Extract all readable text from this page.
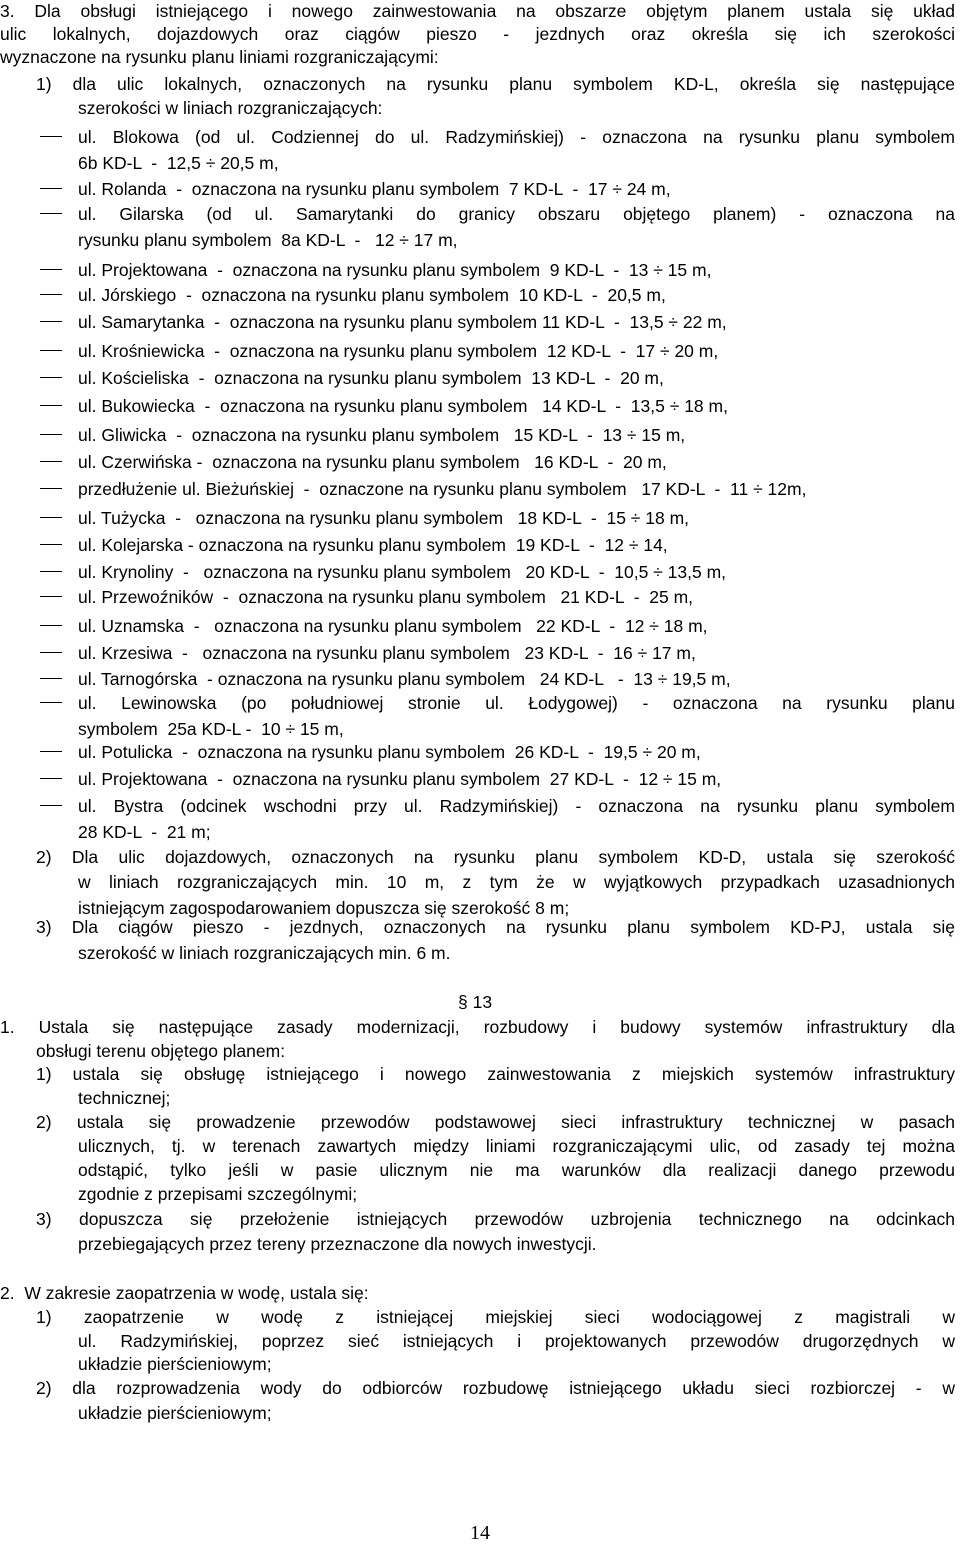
3. Dla obsługi istniejącego i nowego zainwestowania na obszarze objętym planem ustala się układ
ulic lokalnych, dojazdowych oraz ciągów pieszo - jezdnych oraz określa się ich szerokości
wyznaczone na rysunku planu liniami rozgraniczającymi:
1) dla ulic lokalnych, oznaczonych na rysunku planu symbolem KD-L, określa się następujące
szerokości w liniach rozgraniczających:
ul. Blokowa (od ul. Codziennej do ul. Radzymińskiej) - oznaczona na rysunku planu symbolem
6b KD-L  -  12,5 ÷ 20,5 m,
ul. Rolanda  -  oznaczona na rysunku planu symbolem  7 KD-L  -  17 ÷ 24 m,
ul. Gilarska (od ul. Samarytanki do granicy obszaru objętego planem) - oznaczona na
rysunku planu symbolem  8a KD-L  -   12 ÷ 17 m,
ul. Projektowana  -  oznaczona na rysunku planu symbolem  9 KD-L  -  13 ÷ 15 m,
ul. Jórskiego  -  oznaczona na rysunku planu symbolem  10 KD-L  -  20,5 m,
ul. Samarytanka  -  oznaczona na rysunku planu symbolem 11 KD-L  -  13,5 ÷ 22 m,
ul. Krośniewicka  -  oznaczona na rysunku planu symbolem  12 KD-L  -  17 ÷ 20 m,
ul. Kościeliska  -  oznaczona na rysunku planu symbolem  13 KD-L  -  20 m,
ul. Bukowiecka  -  oznaczona na rysunku planu symbolem   14 KD-L  -  13,5 ÷ 18 m,
ul. Gliwicka  -  oznaczona na rysunku planu symbolem   15 KD-L  -  13 ÷ 15 m,
ul. Czerwińska -  oznaczona na rysunku planu symbolem   16 KD-L  -  20 m,
przedłużenie ul. Bieżuńskiej  -  oznaczone na rysunku planu symbolem   17 KD-L  -  11 ÷ 12m,
ul. Tużycka  -   oznaczona na rysunku planu symbolem   18 KD-L  -  15 ÷ 18 m,
ul. Kolejarska - oznaczona na rysunku planu symbolem  19 KD-L  -  12 ÷ 14,
ul. Krynoliny  -   oznaczona na rysunku planu symbolem   20 KD-L  -  10,5 ÷ 13,5 m,
ul. Przewoźników  -  oznaczona na rysunku planu symbolem   21 KD-L  -  25 m,
ul. Uznamska  -   oznaczona na rysunku planu symbolem   22 KD-L  -  12 ÷ 18 m,
ul. Krzesiwa  -   oznaczona na rysunku planu symbolem   23 KD-L  -  16 ÷ 17 m,
ul. Tarnogórska  - oznaczona na rysunku planu symbolem   24 KD-L   -  13 ÷ 19,5 m,
ul. Lewinowska (po południowej stronie ul. Łodygowej) - oznaczona na rysunku planu
symbolem  25a KD-L -  10 ÷ 15 m,
ul. Potulicka  -  oznaczona na rysunku planu symbolem  26 KD-L  -  19,5 ÷ 20 m,
ul. Projektowana  -  oznaczona na rysunku planu symbolem  27 KD-L  -  12 ÷ 15 m,
ul. Bystra (odcinek wschodni przy ul. Radzymińskiej) - oznaczona na rysunku planu symbolem
28 KD-L  -  21 m;
2) Dla ulic dojazdowych, oznaczonych na rysunku planu symbolem KD-D, ustala się szerokość
w liniach rozgraniczających min. 10 m, z tym że w wyjątkowych przypadkach uzasadnionych
istniejącym zagospodarowaniem dopuszcza się szerokość 8 m;
3) Dla ciągów pieszo - jezdnych, oznaczonych na rysunku planu symbolem KD-PJ, ustala się
szerokość w liniach rozgraniczających min. 6 m.
§ 13
1. Ustala się następujące zasady modernizacji, rozbudowy i budowy systemów infrastruktury dla
obsługi terenu objętego planem:
1) ustala się obsługę istniejącego i nowego zainwestowania z miejskich systemów infrastruktury
technicznej;
2) ustala się prowadzenie przewodów podstawowej sieci infrastruktury technicznej w pasach
ulicznych, tj. w terenach zawartych między liniami rozgraniczającymi ulic, od zasady tej można
odstąpić, tylko jeśli w pasie ulicznym nie ma warunków dla realizacji danego przewodu
zgodnie z przepisami szczególnymi;
3) dopuszcza się przełożenie istniejących przewodów uzbrojenia technicznego na odcinkach
przebiegających przez tereny przeznaczone dla nowych inwestycji.
2.  W zakresie zaopatrzenia w wodę, ustala się:
1) zaopatrzenie w wodę z istniejącej miejskiej sieci wodociągowej z magistrali w
ul. Radzymińskiej, poprzez sieć istniejących i projektowanych przewodów drugorzędnych w
układzie pierścieniowym;
2) dla rozprowadzenia wody do odbiorców rozbudowę istniejącego układu sieci rozbiorczej - w
układzie pierścieniowym;
14
